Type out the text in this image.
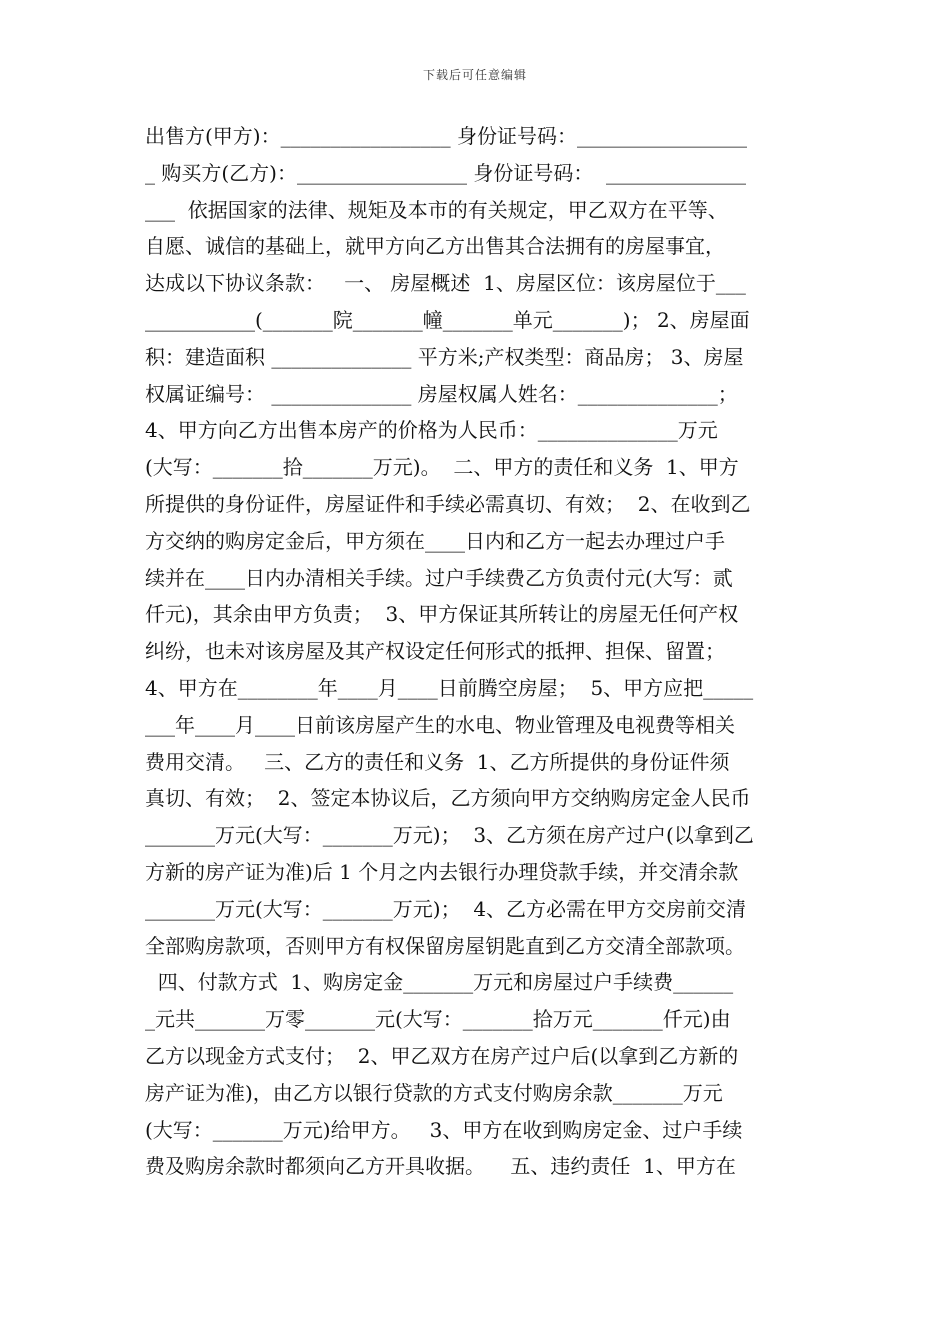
下载后可任意编辑
出售方(甲方)：_________________ 身份证号码：_________________
_ 购买方(乙方)：_________________ 身份证号码：  ______________
___  依据国家的法律、规矩及本市的有关规定，甲乙双方在平等、
自愿、诚信的基础上，就甲方向乙方出售其合法拥有的房屋事宜，
达成以下协议条款：   一、 房屋概述  1、房屋区位：该房屋位于___
___________(_______院_______幢_______单元_______)； 2、房屋面
积：建造面积 ______________ 平方米;产权类型：商品房； 3、房屋
权属证编号： ______________ 房屋权属人姓名：______________；
4、甲方向乙方出售本房产的价格为人民币：______________万元
(大写：_______拾_______万元)。  二、甲方的责任和义务  1、甲方
所提供的身份证件，房屋证件和手续必需真切、有效；  2、在收到乙
方交纳的购房定金后，甲方须在____日内和乙方一起去办理过户手
续并在____日内办清相关手续。过户手续费乙方负责付元(大写：贰
仟元)，其余由甲方负责；  3、甲方保证其所转让的房屋无任何产权
纠纷，也未对该房屋及其产权设定任何形式的抵押、担保、留置；
4、甲方在________年____月____日前腾空房屋；  5、甲方应把_____
___年____月____日前该房屋产生的水电、物业管理及电视费等相关
费用交清。   三、乙方的责任和义务  1、乙方所提供的身份证件须
真切、有效；  2、签定本协议后，乙方须向甲方交纳购房定金人民币
_______万元(大写：_______万元)；  3、乙方须在房产过户(以拿到乙
方新的房产证为准)后 1 个月之内去银行办理贷款手续，并交清余款
_______万元(大写：_______万元)；  4、乙方必需在甲方交房前交清
全部购房款项，否则甲方有权保留房屋钥匙直到乙方交清全部款项。
四、付款方式  1、购房定金_______万元和房屋过户手续费______
_元共_______万零_______元(大写：_______拾万元_______仟元)由
乙方以现金方式支付；  2、甲乙双方在房产过户后(以拿到乙方新的
房产证为准)，由乙方以银行贷款的方式支付购房余款_______万元
(大写：_______万元)给甲方。   3、甲方在收到购房定金、过户手续
费及购房余款时都须向乙方开具收据。    五、违约责任  1、甲方在
